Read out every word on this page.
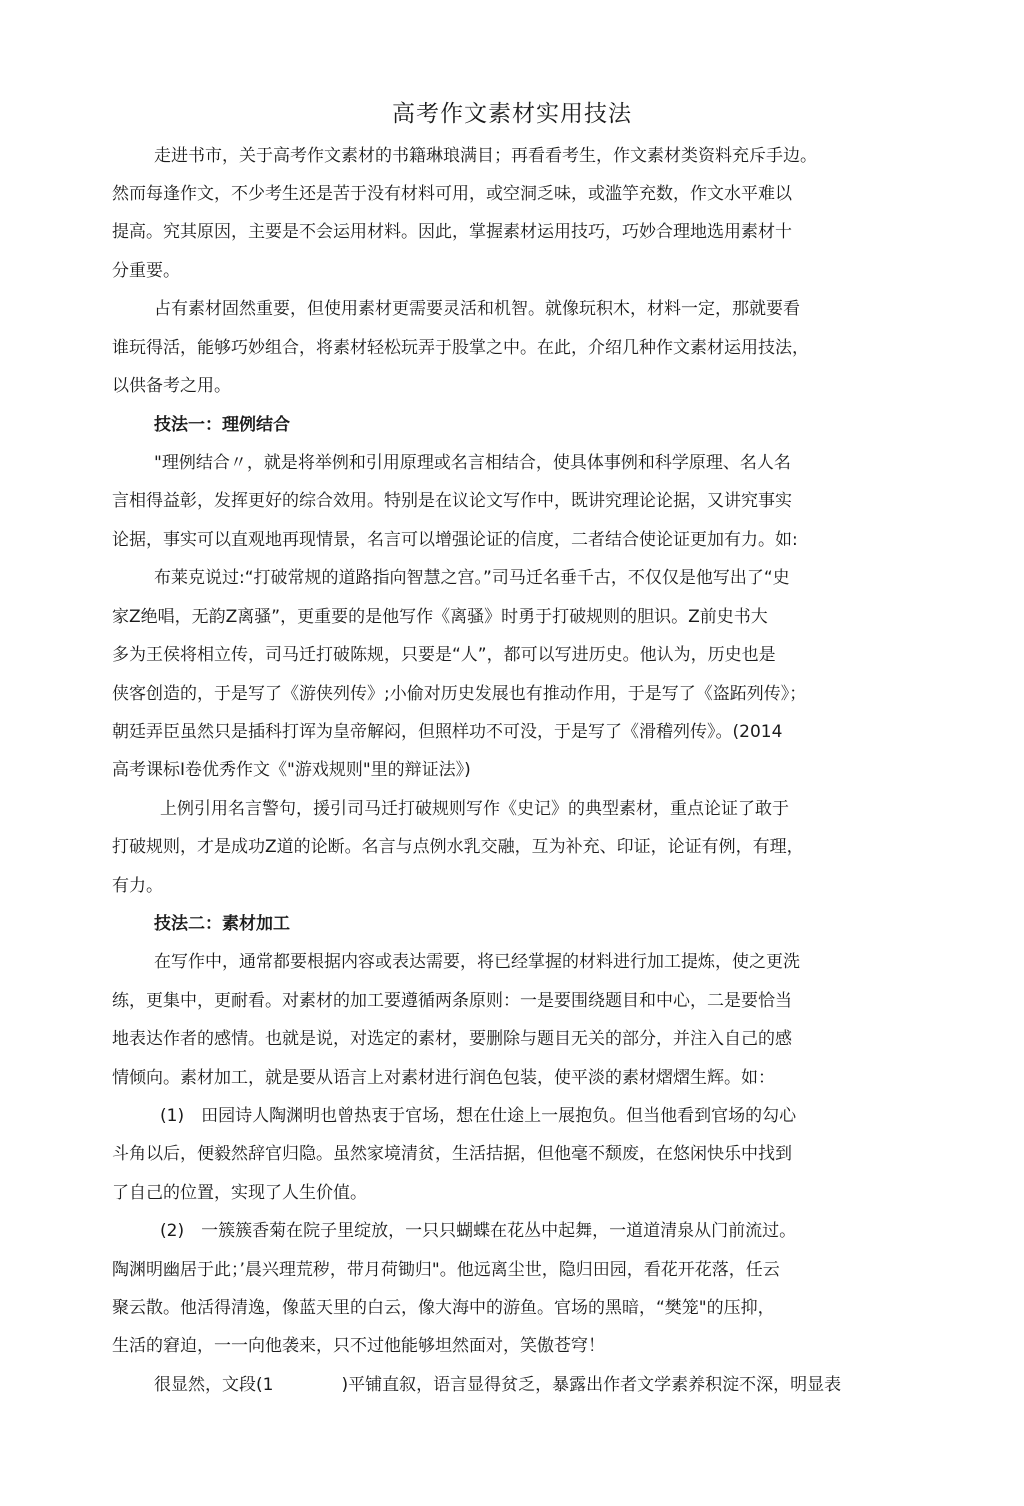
高考作文素材实用技法
走进书市，关于高考作文素材的书籍琳琅满目；再看看考生，作文素材类资料充斥手边。
然而每逢作文，不少考生还是苦于没有材料可用，或空洞乏味，或滥竽充数，作文水平难以
提高。究其原因，主要是不会运用材料。因此，掌握素材运用技巧，巧妙合理地选用素材十
分重要。
占有素材固然重要，但使用素材更需要灵活和机智。就像玩积木，材料一定，那就要看
谁玩得活，能够巧妙组合，将素材轻松玩弄于股掌之中。在此，介绍几种作文素材运用技法，
以供备考之用。
技法一：理例结合
"理例结合〃，就是将举例和引用原理或名言相结合，使具体事例和科学原理、名人名
言相得益彰，发挥更好的综合效用。特别是在议论文写作中，既讲究理论论据，又讲究事实
论据，事实可以直观地再现情景，名言可以增强论证的信度，二者结合使论证更加有力。如:
布莱克说过:“打破常规的道路指向智慧之宫。”司马迁名垂千古，不仅仅是他写出了“史
家Z绝唱，无韵Z离骚”，更重要的是他写作《离骚》时勇于打破规则的胆识。Z前史书大
多为王侯将相立传，司马迁打破陈规，只要是“人”，都可以写进历史。他认为，历史也是
侠客创造的，于是写了《游侠列传》;小偷对历史发展也有推动作用，于是写了《盗跖列传》；
朝廷弄臣虽然只是插科打诨为皇帝解闷，但照样功不可没，于是写了《滑稽列传》。(2014
高考课标I卷优秀作文《"游戏规则"里的辩证法》)
上例引用名言警句，援引司马迁打破规则写作《史记》的典型素材，重点论证了敢于
打破规则，才是成功Z道的论断。名言与点例水乳交融，互为补充、印证，论证有例，有理，
有力。
技法二：素材加工
在写作中，通常都要根据内容或表达需要，将已经掌握的材料进行加工提炼，使之更洗
练，更集中，更耐看。对素材的加工要遵循两条原则：一是要围绕题目和中心，二是要恰当
地表达作者的感情。也就是说，对选定的素材，要删除与题目无关的部分，并注入自己的感
情倾向。素材加工，就是要从语言上对素材进行润色包装，使平淡的素材熠熠生辉。如：
(1)　田园诗人陶渊明也曾热衷于官场，想在仕途上一展抱负。但当他看到官场的勾心
斗角以后，便毅然辞官归隐。虽然家境清贫，生活拮据，但他毫不颓废，在悠闲快乐中找到
了自己的位置，实现了人生价值。
(2)　一簇簇香菊在院子里绽放，一只只蝴蝶在花丛中起舞，一道道清泉从门前流过。
陶渊明幽居于此；’晨兴理荒秽，带月荷锄归"。他远离尘世，隐归田园，看花开花落，任云
聚云散。他活得清逸，像蓝天里的白云，像大海中的游鱼。官场的黑暗，“樊笼"的压抑，
生活的窘迫，一一向他袭来，只不过他能够坦然面对，笑傲苍穹！
很显然，文段(1　　　　)平铺直叙，语言显得贫乏，暴露出作者文学素养积淀不深，明显表
